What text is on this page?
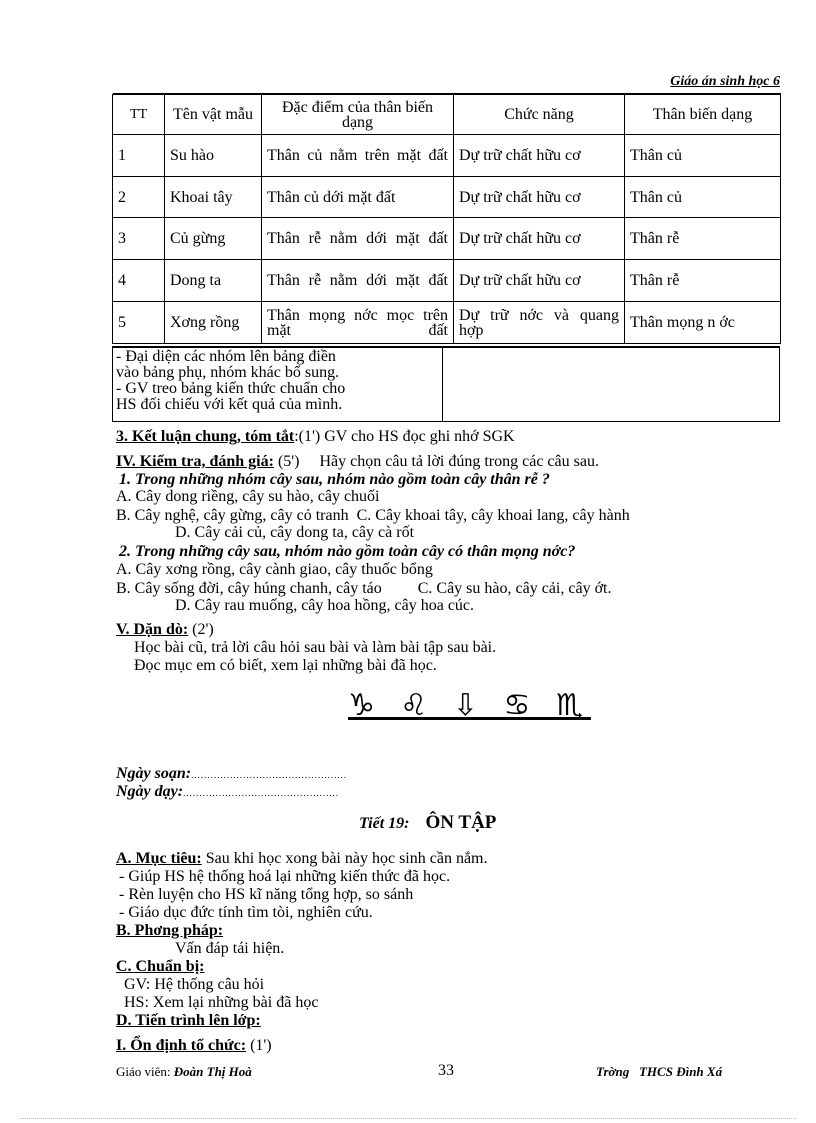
Giáo án sinh học 6
TT	Tên vật mẫu	Đặc điểm của thân biến dạng	Chức năng	Thân biến dạng
1	Su hào	Thân củ nằm trên mặt đất	Dự trữ chất hữu cơ	Thân củ
2	Khoai tây	Thân củ dới mặt đất	Dự trữ chất hữu cơ	Thân củ
3	Củ gừng	Thân rễ nằm dới mặt đất	Dự trữ chất hữu cơ	Thân rễ
4	Dong ta	Thân rễ nằm dới mặt đất	Dự trữ chất hữu cơ	Thân rễ
5	Xơng rồng	Thân mọng nớc mọc trên mặt đất	Dự trữ nớc và quang hợp	Thân mọng n ớc
- Đại diện các nhóm lên bảng điền
vào bảng phụ, nhóm khác bổ sung.
- GV treo bảng kiến thức chuẩn cho
HS đối chiếu với kết quả của mình.
3. Kết luận chung, tóm tắt:(1') GV cho HS đọc ghi nhớ SGK
IV. Kiểm tra, đánh giá: (5')     Hãy chọn câu tả lời đúng trong các câu sau.
1. Trong những nhóm cây sau, nhóm nào gồm toàn cây thân rễ ?
A. Cây dong riềng, cây su hào, cây chuối
B. Cây nghệ, cây gừng, cây cỏ tranh C. Cây khoai tây, cây khoai lang, cây hành
D. Cây cải củ, cây dong ta, cây cà rốt
2. Trong những cây sau, nhóm nào gồm toàn cây có thân mọng nớc?
A. Cây xơng rồng, cây cành giao, cây thuốc bổng
B. Cây sống đời, cây húng chanh, cây táo C. Cây su hào, cây cải, cây ớt.
D. Cây rau muống, cây hoa hồng, cây hoa cúc.
V. Dặn dò: (2')
Học bài cũ, trả lời câu hỏi sau bài và làm bài tập sau bài.
Đọc mục em có biết, xem lại những bài đã học.
♑ ♌ ⇩ ♋ ♏
Ngày soạn:................................................
Ngày dạy:................................................
Tiết 19: ÔN TẬP
A. Mục tiêu: Sau khi học xong bài này học sinh cần nắm.
- Giúp HS hệ thống hoá lại những kiến thức đã học.
- Rèn luyện cho HS kĩ năng tổng hợp, so sánh
- Giáo dục đức tính tìm tòi, nghiên cứu.
B. Phơng pháp:
Vấn đáp tái hiện.
C. Chuẩn bị:
GV: Hệ thống câu hỏi
HS: Xem lại những bài đã học
D. Tiến trình lên lớp:
I. Ổn định tổ chức: (1')
Giáo viên: Đoàn Thị Hoà	33	Trờng THCS Đình Xá
